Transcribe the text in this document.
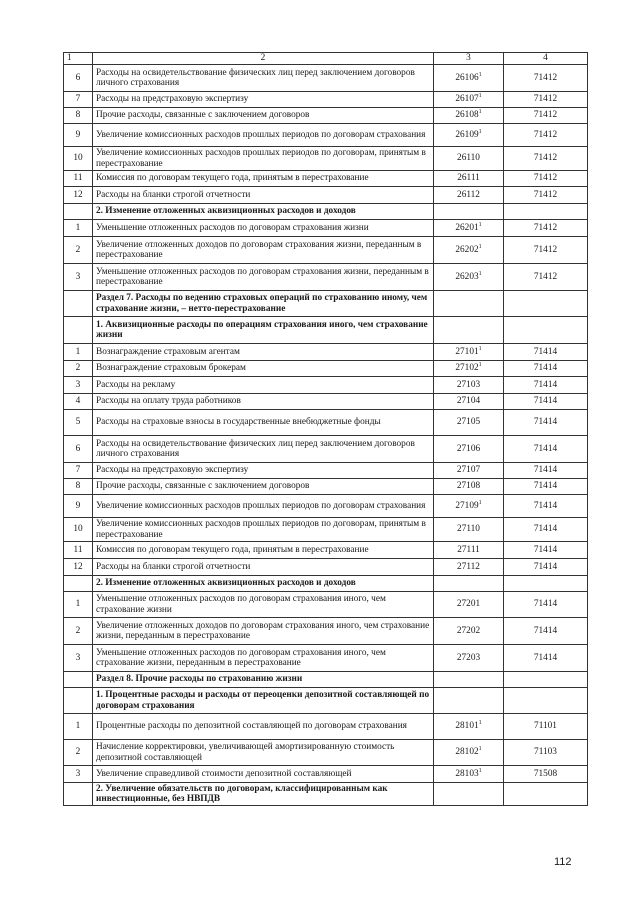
1	2	3	4
6	Расходы на освидетельствование физических лиц перед заключением договоров личного страхования	26106$^1$	71412
7	Расходы на предстраховую экспертизу	26107$^1$	71412
8	Прочие расходы, связанные с заключением договоров	26108$^1$	71412
9	Увеличение комиссионных расходов прошлых периодов по договорам страхования	26109$^1$	71412
10	Увеличение комиссионных расходов прошлых периодов по договорам, принятым в перестрахование	26110	71412
11	Комиссия по договорам текущего года, принятым в перестрахование	26111	71412
12	Расходы на бланки строгой отчетности	26112	71412
	2. Изменение отложенных аквизиционных расходов и доходов		
1	Уменьшение отложенных расходов по договорам страхования жизни	26201$^1$	71412
2	Увеличение отложенных доходов по договорам страхования жизни, переданным в перестрахование	26202$^1$	71412
3	Уменьшение отложенных расходов по договорам страхования жизни, переданным в перестрахование	26203$^1$	71412
	Раздел 7. Расходы по ведению страховых операций по страхованию иному, чем страхование жизни, – нетто-перестрахование		
	1. Аквизиционные расходы по операциям страхования иного, чем страхование жизни		
1	Вознаграждение страховым агентам	27101$^1$	71414
2	Вознаграждение страховым брокерам	27102$^1$	71414
3	Расходы на рекламу	27103	71414
4	Расходы на оплату труда работников	27104	71414
5	Расходы на страховые взносы в государственные внебюджетные фонды	27105	71414
6	Расходы на освидетельствование физических лиц перед заключением договоров личного страхования	27106	71414
7	Расходы на предстраховую экспертизу	27107	71414
8	Прочие расходы, связанные с заключением договоров	27108	71414
9	Увеличение комиссионных расходов прошлых периодов по договорам страхования	27109$^1$	71414
10	Увеличение комиссионных расходов прошлых периодов по договорам, принятым в перестрахование	27110	71414
11	Комиссия по договорам текущего года, принятым в перестрахование	27111	71414
12	Расходы на бланки строгой отчетности	27112	71414
	2. Изменение отложенных аквизиционных расходов и доходов		
1	Уменьшение отложенных расходов по договорам страхования иного, чем страхование жизни	27201	71414
2	Увеличение отложенных доходов по договорам страхования иного, чем страхование жизни, переданным в перестрахование	27202	71414
3	Уменьшение отложенных расходов по договорам страхования иного, чем страхование жизни, переданным в перестрахование	27203	71414
	Раздел 8. Прочие расходы по страхованию жизни		
	1. Процентные расходы и расходы от переоценки депозитной составляющей по договорам страхования		
1	Процентные расходы по депозитной составляющей по договорам страхования	28101$^1$	71101
2	Начисление корректировки, увеличивающей амортизированную стоимость депозитной составляющей	28102$^1$	71103
3	Увеличение справедливой стоимости депозитной составляющей	28103$^1$	71508
	2. Увеличение обязательств по договорам, классифицированным как инвестиционные, без НВПДВ		
112
